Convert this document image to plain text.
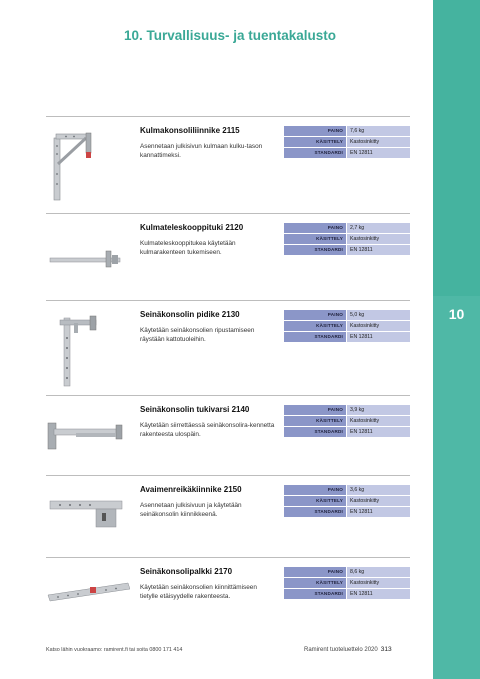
10
10. Turvallisuus- ja tuentakalusto
Kulmakonsoliliinnike 2115
Asennetaan julkisivun kulmaan kulku-tason kannattimeksi.
PAINO	7,6 kg
KÄSITTELY	Kastosinkitty
STANDARDI	EN 12811
Kulmateleskooppituki 2120
Kulmateleskooppitukea käytetään kulmarakenteen tukemiseen.
PAINO	2,7 kg
KÄSITTELY	Kastosinkitty
STANDARDI	EN 12811
Seinäkonsolin pidike 2130
Käytetään seinäkonsolien ripustamiseen räystään kattotuoleihin.
PAINO	5,0 kg
KÄSITTELY	Kastosinkitty
STANDARDI	EN 12811
Seinäkonsolin tukivarsi 2140
Käytetään siirrettäessä seinäkonsolira-kennetta rakenteesta ulospäin.
PAINO	3,9 kg
KÄSITTELY	Kastosinkitty
STANDARDI	EN 12811
Avaimenreikäkiinnike 2150
Asennetaan julkisivuun ja käytetään seinäkonsolin kiinnikkeenä.
PAINO	3,6 kg
KÄSITTELY	Kastosinkitty
STANDARDI	EN 12811
Seinäkonsolipalkki 2170
Käytetään seinäkonsolien kiinnittämiseen tietylle etäisyydelle rakenteesta.
PAINO	8,6 kg
KÄSITTELY	Kastosinkitty
STANDARDI	EN 12811
Katso lähin vuokraamo: ramirent.fi tai soita 0800 171 414	Ramirent tuoteluettelo 2020 313
